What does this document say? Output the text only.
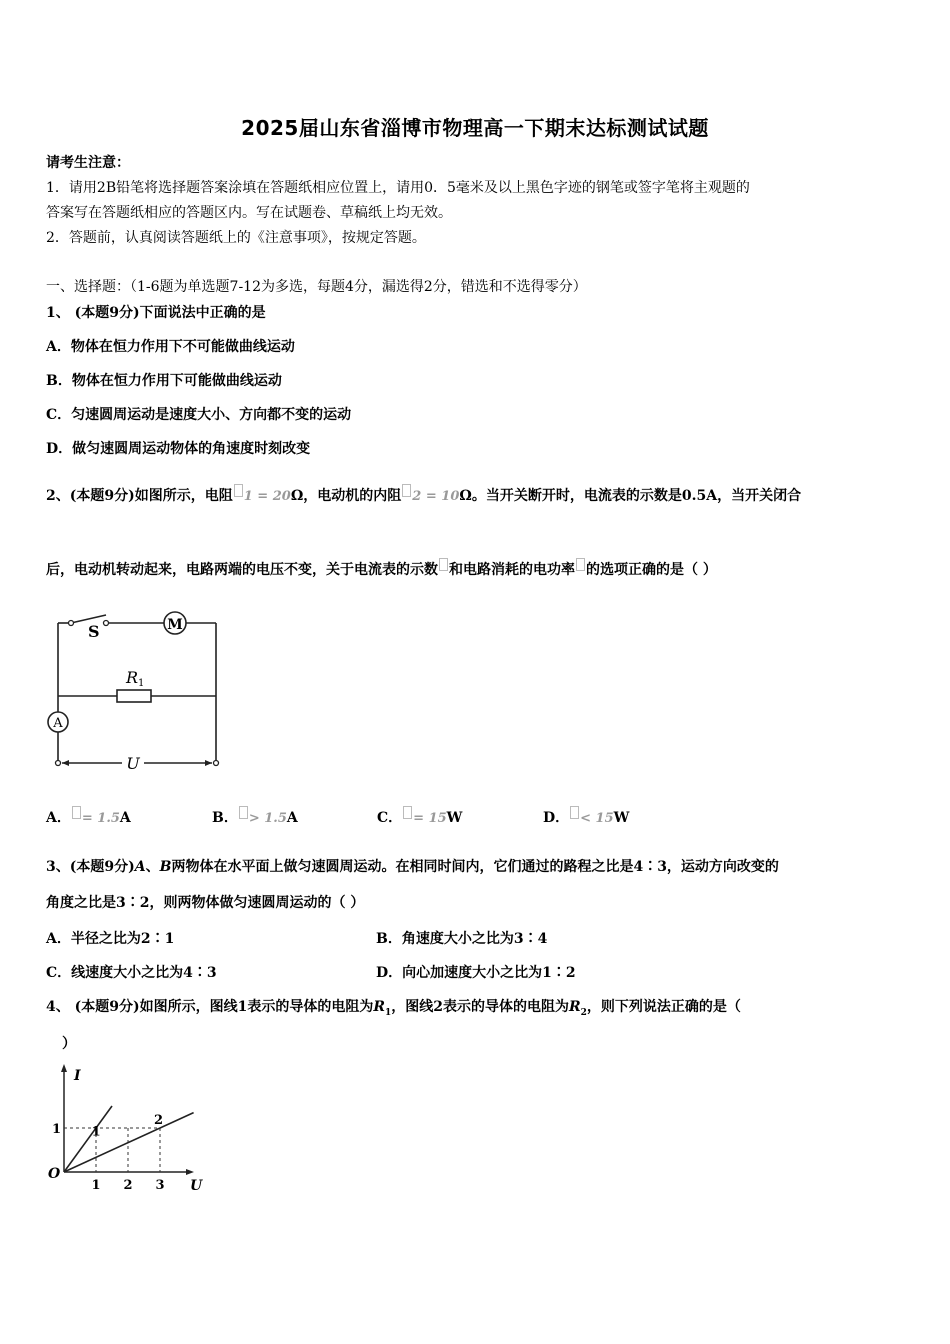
2025届山东省淄博市物理高一下期末达标测试试题
请考生注意：
1．请用2B铅笔将选择题答案涂填在答题纸相应位置上，请用0．5毫米及以上黑色字迹的钢笔或签字笔将主观题的
答案写在答题纸相应的答题区内。写在试题卷、草稿纸上均无效。
2．答题前，认真阅读答题纸上的《注意事项》，按规定答题。
一、选择题：（1-6题为单选题7-12为多选，每题4分，漏选得2分，错选和不选得零分）
1、 (本题9分)下面说法中正确的是
A．物体在恒力作用下不可能做曲线运动
B．物体在恒力作用下可能做曲线运动
C．匀速圆周运动是速度大小、方向都不变的运动
D．做匀速圆周运动物体的角速度时刻改变
2、(本题9分)如图所示，电阻 1 = 20Ω，电动机的内阻 2 = 10Ω。当开关断开时，电流表的示数是0.5A，当开关闭合
后，电动机转动起来，电路两端的电压不变，关于电流表的示数 和电路消耗的电功率 的选项正确的是（ ）
S	M
R 1
A
U
A． = 1.5A	B． > 1.5A	C． = 15W	D． < 15W
3、(本题9分)A、B两物体在水平面上做匀速圆周运动。在相同时间内，它们通过的路程之比是4∶3，运动方向改变的
角度之比是3∶2，则两物体做匀速圆周运动的（ ）
A．半径之比为2∶1	B．角速度大小之比为3∶4
C．线速度大小之比为4∶3	D．向心加速度大小之比为1∶2
4、 (本题9分)如图所示，图线1表示的导体的电阻为$R_1$，图线2表示的导体的电阻为$R_2$，则下列说法正确的是（
）
1
1 2 3
1
2
I
U
O
